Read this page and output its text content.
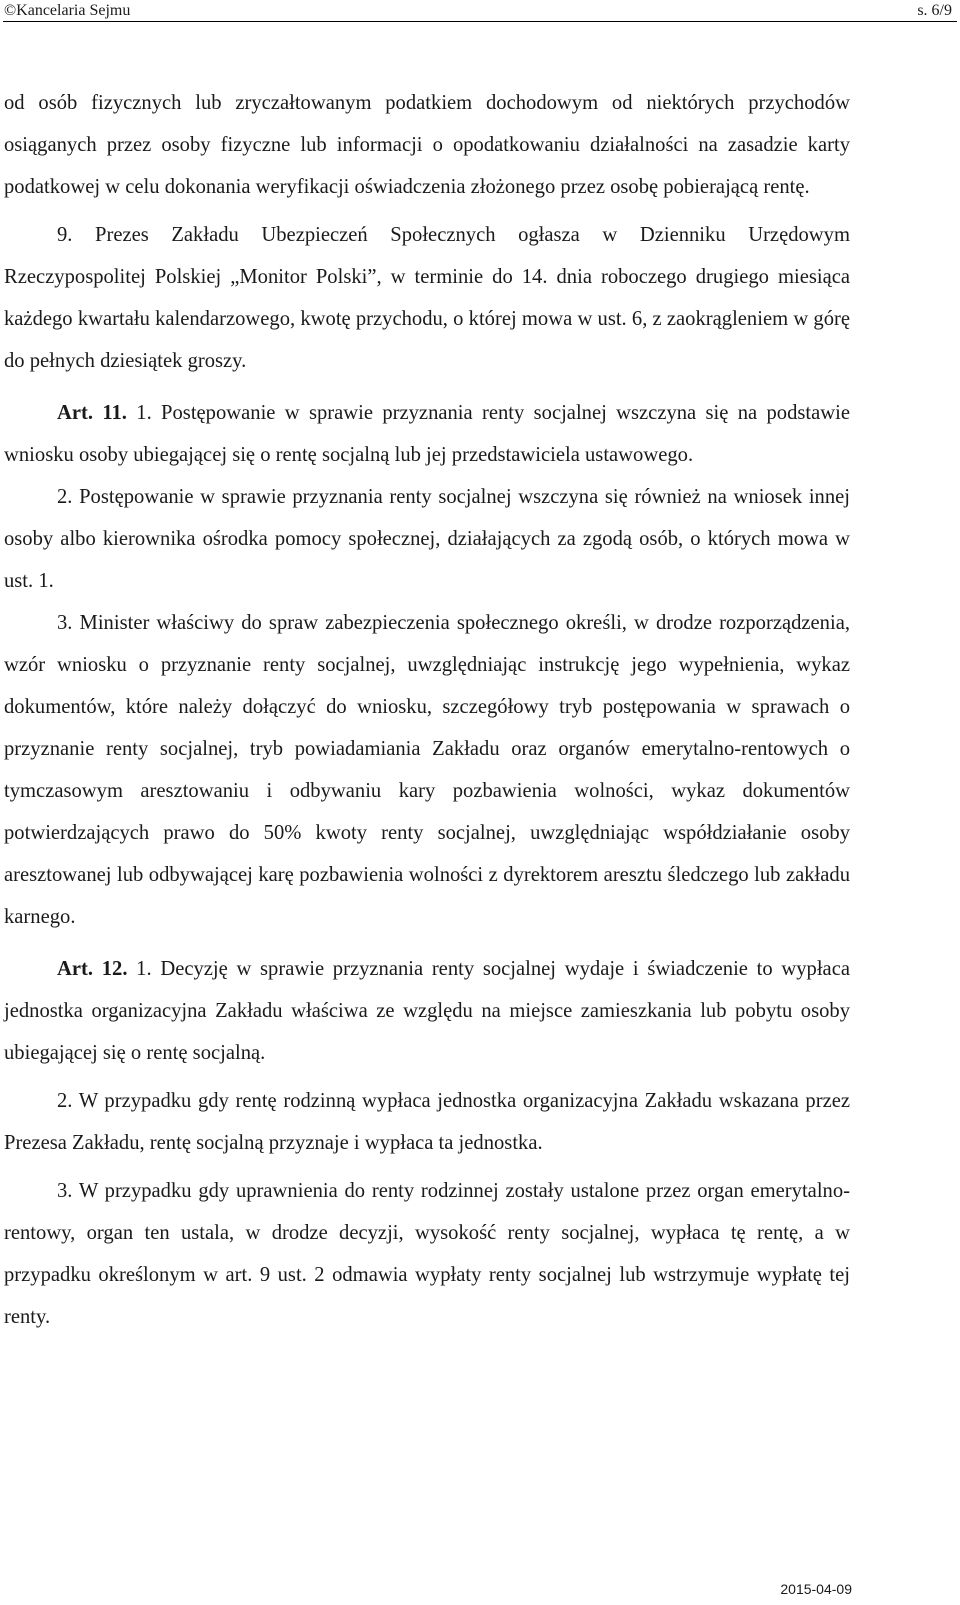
©Kancelaria Sejmu	s. 6/9

od osób fizycznych lub zryczałtowanym podatkiem dochodowym od niektórych przychodów osiąganych przez osoby fizyczne lub informacji o opodatkowaniu działalności na zasadzie karty podatkowej w celu dokonania weryfikacji oświadczenia złożonego przez osobę pobierającą rentę.

9. Prezes Zakładu Ubezpieczeń Społecznych ogłasza w Dzienniku Urzędowym Rzeczypospolitej Polskiej „Monitor Polski”, w terminie do 14. dnia roboczego drugiego miesiąca każdego kwartału kalendarzowego, kwotę przychodu, o której mowa w ust. 6, z zaokrągleniem w górę do pełnych dziesiątek groszy.

Art. 11. 1. Postępowanie w sprawie przyznania renty socjalnej wszczyna się na podstawie wniosku osoby ubiegającej się o rentę socjalną lub jej przedstawiciela ustawowego.

2. Postępowanie w sprawie przyznania renty socjalnej wszczyna się również na wniosek innej osoby albo kierownika ośrodka pomocy społecznej, działających za zgodą osób, o których mowa w ust. 1.

3. Minister właściwy do spraw zabezpieczenia społecznego określi, w drodze rozporządzenia, wzór wniosku o przyznanie renty socjalnej, uwzględniając instrukcję jego wypełnienia, wykaz dokumentów, które należy dołączyć do wniosku, szczegółowy tryb postępowania w sprawach o przyznanie renty socjalnej, tryb powiadamiania Zakładu oraz organów emerytalno-rentowych o tymczasowym aresztowaniu i odbywaniu kary pozbawienia wolności, wykaz dokumentów potwierdzających prawo do 50% kwoty renty socjalnej, uwzględniając współdziałanie osoby aresztowanej lub odbywającej karę pozbawienia wolności z dyrektorem aresztu śledczego lub zakładu karnego.

Art. 12. 1. Decyzję w sprawie przyznania renty socjalnej wydaje i świadczenie to wypłaca jednostka organizacyjna Zakładu właściwa ze względu na miejsce zamieszkania lub pobytu osoby ubiegającej się o rentę socjalną.

2. W przypadku gdy rentę rodzinną wypłaca jednostka organizacyjna Zakładu wskazana przez Prezesa Zakładu, rentę socjalną przyznaje i wypłaca ta jednostka.

3. W przypadku gdy uprawnienia do renty rodzinnej zostały ustalone przez organ emerytalno-rentowy, organ ten ustala, w drodze decyzji, wysokość renty socjalnej, wypłaca tę rentę, a w przypadku określonym w art. 9 ust. 2 odmawia wypłaty renty socjalnej lub wstrzymuje wypłatę tej renty.

2015-04-09
